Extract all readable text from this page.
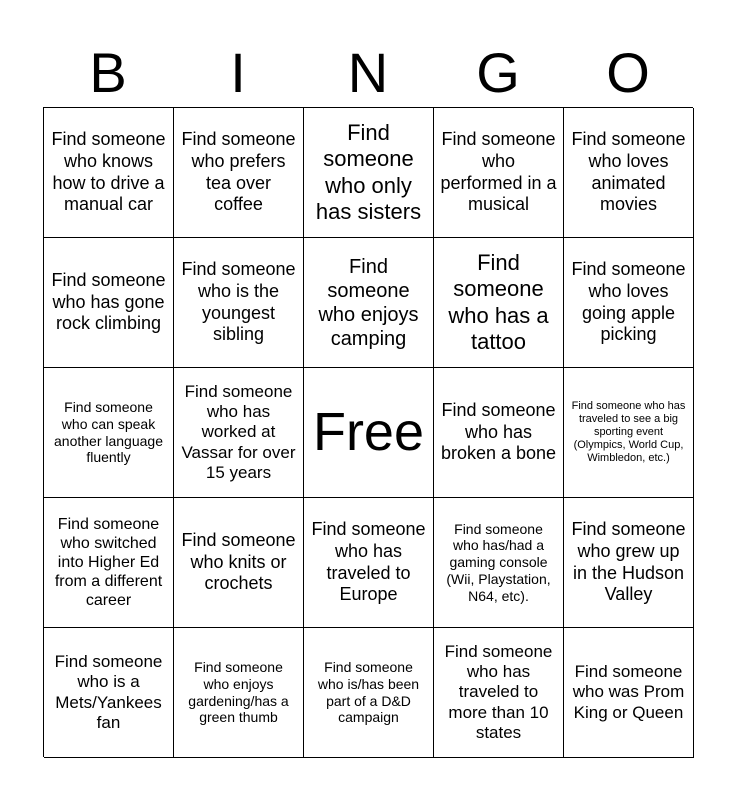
B	I	N	G	O
Find someone who knows how to drive a manual car
Find someone who prefers tea over coffee
Find someone who only has sisters
Find someone who performed in a musical
Find someone who loves animated movies
Find someone who has gone rock climbing
Find someone who is the youngest sibling
Find someone who enjoys camping
Find someone who has a tattoo
Find someone who loves going apple picking
Find someone who can speak another language fluently
Find someone who has worked at Vassar for over 15 years
Free Find someone who has broken a bone
Find someone who has traveled to see a big sporting event (Olympics, World Cup, Wimbledon, etc.)
Find someone who switched into Higher Ed from a different career
Find someone who knits or crochets
Find someone who has traveled to Europe
Find someone who has/had a gaming console (Wii, Playstation, N64, etc).
Find someone who grew up in the Hudson Valley
Find someone who is a Mets/Yankees fan
Find someone who enjoys gardening/has a green thumb
Find someone who is/has been part of a D&D campaign
Find someone who has traveled to more than 10 states
Find someone who was Prom King or Queen
